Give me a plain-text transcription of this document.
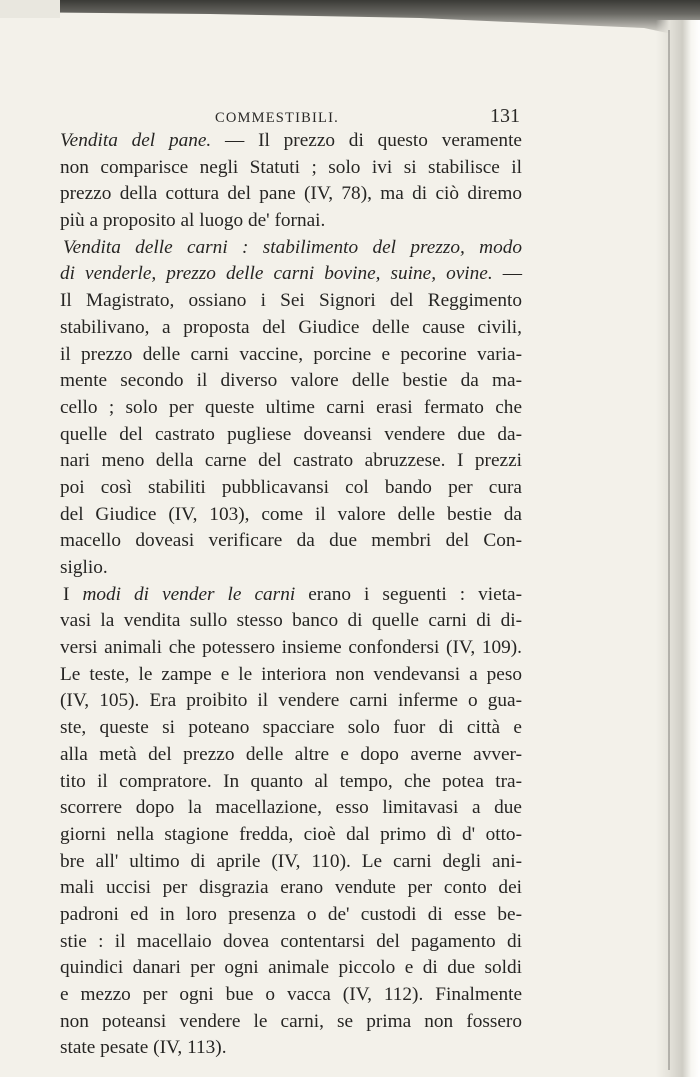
COMMESTIBILI.	131
Vendita del pane. — Il prezzo di questo veramente
non comparisce negli Statuti ; solo ivi si stabilisce il
prezzo della cottura del pane (IV, 78), ma di ciò diremo
più a proposito al luogo de' fornai.
Vendita delle carni : stabilimento del prezzo, modo
di venderle, prezzo delle carni bovine, suine, ovine. —
Il Magistrato, ossiano i Sei Signori del Reggimento
stabilivano, a proposta del Giudice delle cause civili,
il prezzo delle carni vaccine, porcine e pecorine varia-
mente secondo il diverso valore delle bestie da ma-
cello ; solo per queste ultime carni erasi fermato che
quelle del castrato pugliese doveansi vendere due da-
nari meno della carne del castrato abruzzese. I prezzi
poi così stabiliti pubblicavansi col bando per cura
del Giudice (IV, 103), come il valore delle bestie da
macello doveasi verificare da due membri del Con-
siglio.
I modi di vender le carni erano i seguenti : vieta-
vasi la vendita sullo stesso banco di quelle carni di di-
versi animali che potessero insieme confondersi (IV, 109).
Le teste, le zampe e le interiora non vendevansi a peso
(IV, 105). Era proibito il vendere carni inferme o gua-
ste, queste si poteano spacciare solo fuor di città e
alla metà del prezzo delle altre e dopo averne avver-
tito il compratore. In quanto al tempo, che potea tra-
scorrere dopo la macellazione, esso limitavasi a due
giorni nella stagione fredda, cioè dal primo dì d' otto-
bre all' ultimo di aprile (IV, 110). Le carni degli ani-
mali uccisi per disgrazia erano vendute per conto dei
padroni ed in loro presenza o de' custodi di esse be-
stie : il macellaio dovea contentarsi del pagamento di
quindici danari per ogni animale piccolo e di due soldi
e mezzo per ogni bue o vacca (IV, 112). Finalmente
non poteansi vendere le carni, se prima non fossero
state pesate (IV, 113).
